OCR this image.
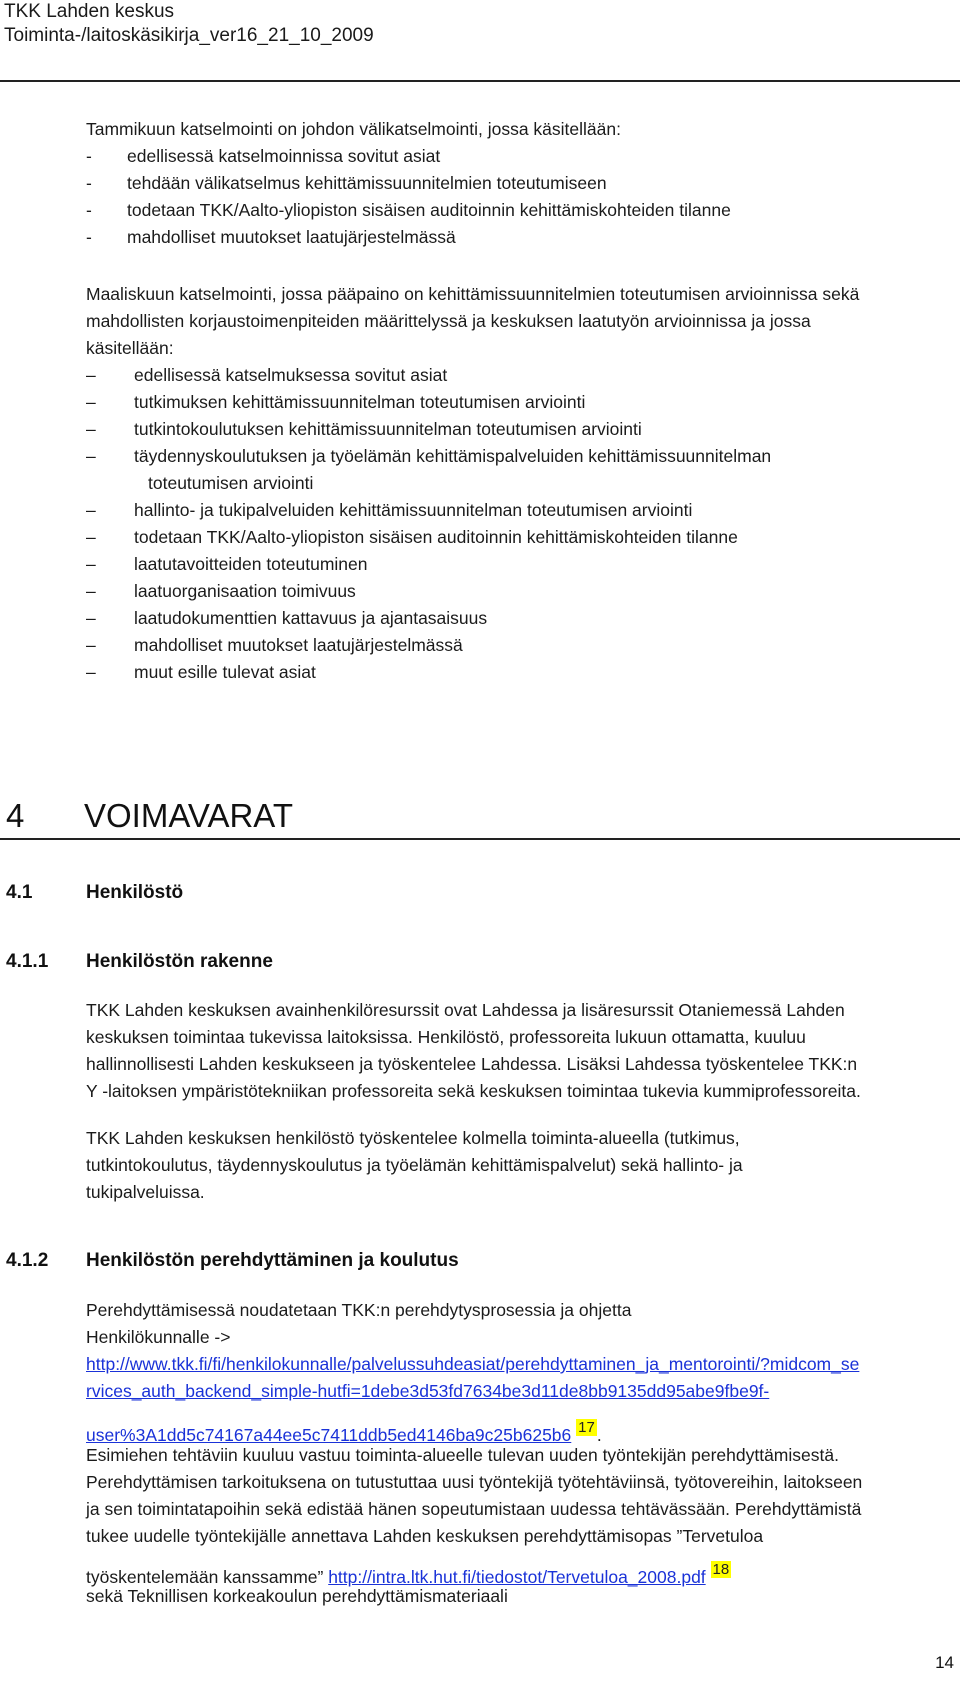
TKK Lahden keskus
Toiminta-/laitoskäsikirja_ver16_21_10_2009
Tammikuun katselmointi on johdon välikatselmointi, jossa käsitellään:
- edellisessä katselmoinnissa sovitut asiat
- tehdään välikatselmus kehittämissuunnitelmien toteutumiseen
- todetaan TKK/Aalto-yliopiston sisäisen auditoinnin kehittämiskohteiden tilanne
- mahdolliset muutokset laatujärjestelmässä
Maaliskuun katselmointi, jossa pääpaino on kehittämissuunnitelmien toteutumisen arvioinnissa sekä
mahdollisten korjaustoimenpiteiden määrittelyssä ja keskuksen laatutyön arvioinnissa ja jossa
käsitellään:
– edellisessä katselmuksessa sovitut asiat
– tutkimuksen kehittämissuunnitelman toteutumisen arviointi
– tutkintokoulutuksen kehittämissuunnitelman toteutumisen arviointi
– täydennyskoulutuksen ja työelämän kehittämispalveluiden kehittämissuunnitelman
toteutumisen arviointi
– hallinto- ja tukipalveluiden kehittämissuunnitelman toteutumisen arviointi
– todetaan TKK/Aalto-yliopiston sisäisen auditoinnin kehittämiskohteiden tilanne
– laatutavoitteiden toteutuminen
– laatuorganisaation toimivuus
– laatudokumenttien kattavuus ja ajantasaisuus
– mahdolliset muutokset laatujärjestelmässä
– muut esille tulevat asiat
4 VOIMAVARAT
4.1	Henkilöstö
4.1.1 Henkilöstön rakenne
TKK Lahden keskuksen avainhenkilöresurssit ovat Lahdessa ja lisäresurssit Otaniemessä Lahden
keskuksen toimintaa tukevissa laitoksissa. Henkilöstö, professoreita lukuun ottamatta, kuuluu
hallinnollisesti Lahden keskukseen ja työskentelee Lahdessa. Lisäksi Lahdessa työskentelee TKK:n
Y -laitoksen ympäristötekniikan professoreita sekä keskuksen toimintaa tukevia kummiprofessoreita.
TKK Lahden keskuksen henkilöstö työskentelee kolmella toiminta-alueella (tutkimus,
tutkintokoulutus, täydennyskoulutus ja työelämän kehittämispalvelut) sekä hallinto- ja
tukipalveluissa.
4.1.2 Henkilöstön perehdyttäminen ja koulutus
Perehdyttämisessä noudatetaan TKK:n perehdytysprosessia ja ohjetta
Henkilökunnalle ->
http://www.tkk.fi/fi/henkilokunnalle/palvelussuhdeasiat/perehdyttaminen_ja_mentorointi/?midcom_se
rvices_auth_backend_simple-hutfi=1debe3d53fd7634be3d11de8bb9135dd95abe9fbe9f-
user%3A1dd5c74167a44ee5c7411ddb5ed4146ba9c25b625b6 17 .
Esimiehen tehtäviin kuuluu vastuu toiminta-alueelle tulevan uuden työntekijän perehdyttämisestä.
Perehdyttämisen tarkoituksena on tutustuttaa uusi työntekijä työtehtäviinsä, työtovereihin, laitokseen
ja sen toimintatapoihin sekä edistää hänen sopeutumistaan uudessa tehtävässään. Perehdyttämistä
tukee uudelle työntekijälle annettava Lahden keskuksen perehdyttämisopas ”Tervetuloa
työskentelemään kanssamme” http://intra.ltk.hut.fi/tiedostot/Tervetuloa_2008.pdf 18
sekä Teknillisen korkeakoulun perehdyttämismateriaali
14
